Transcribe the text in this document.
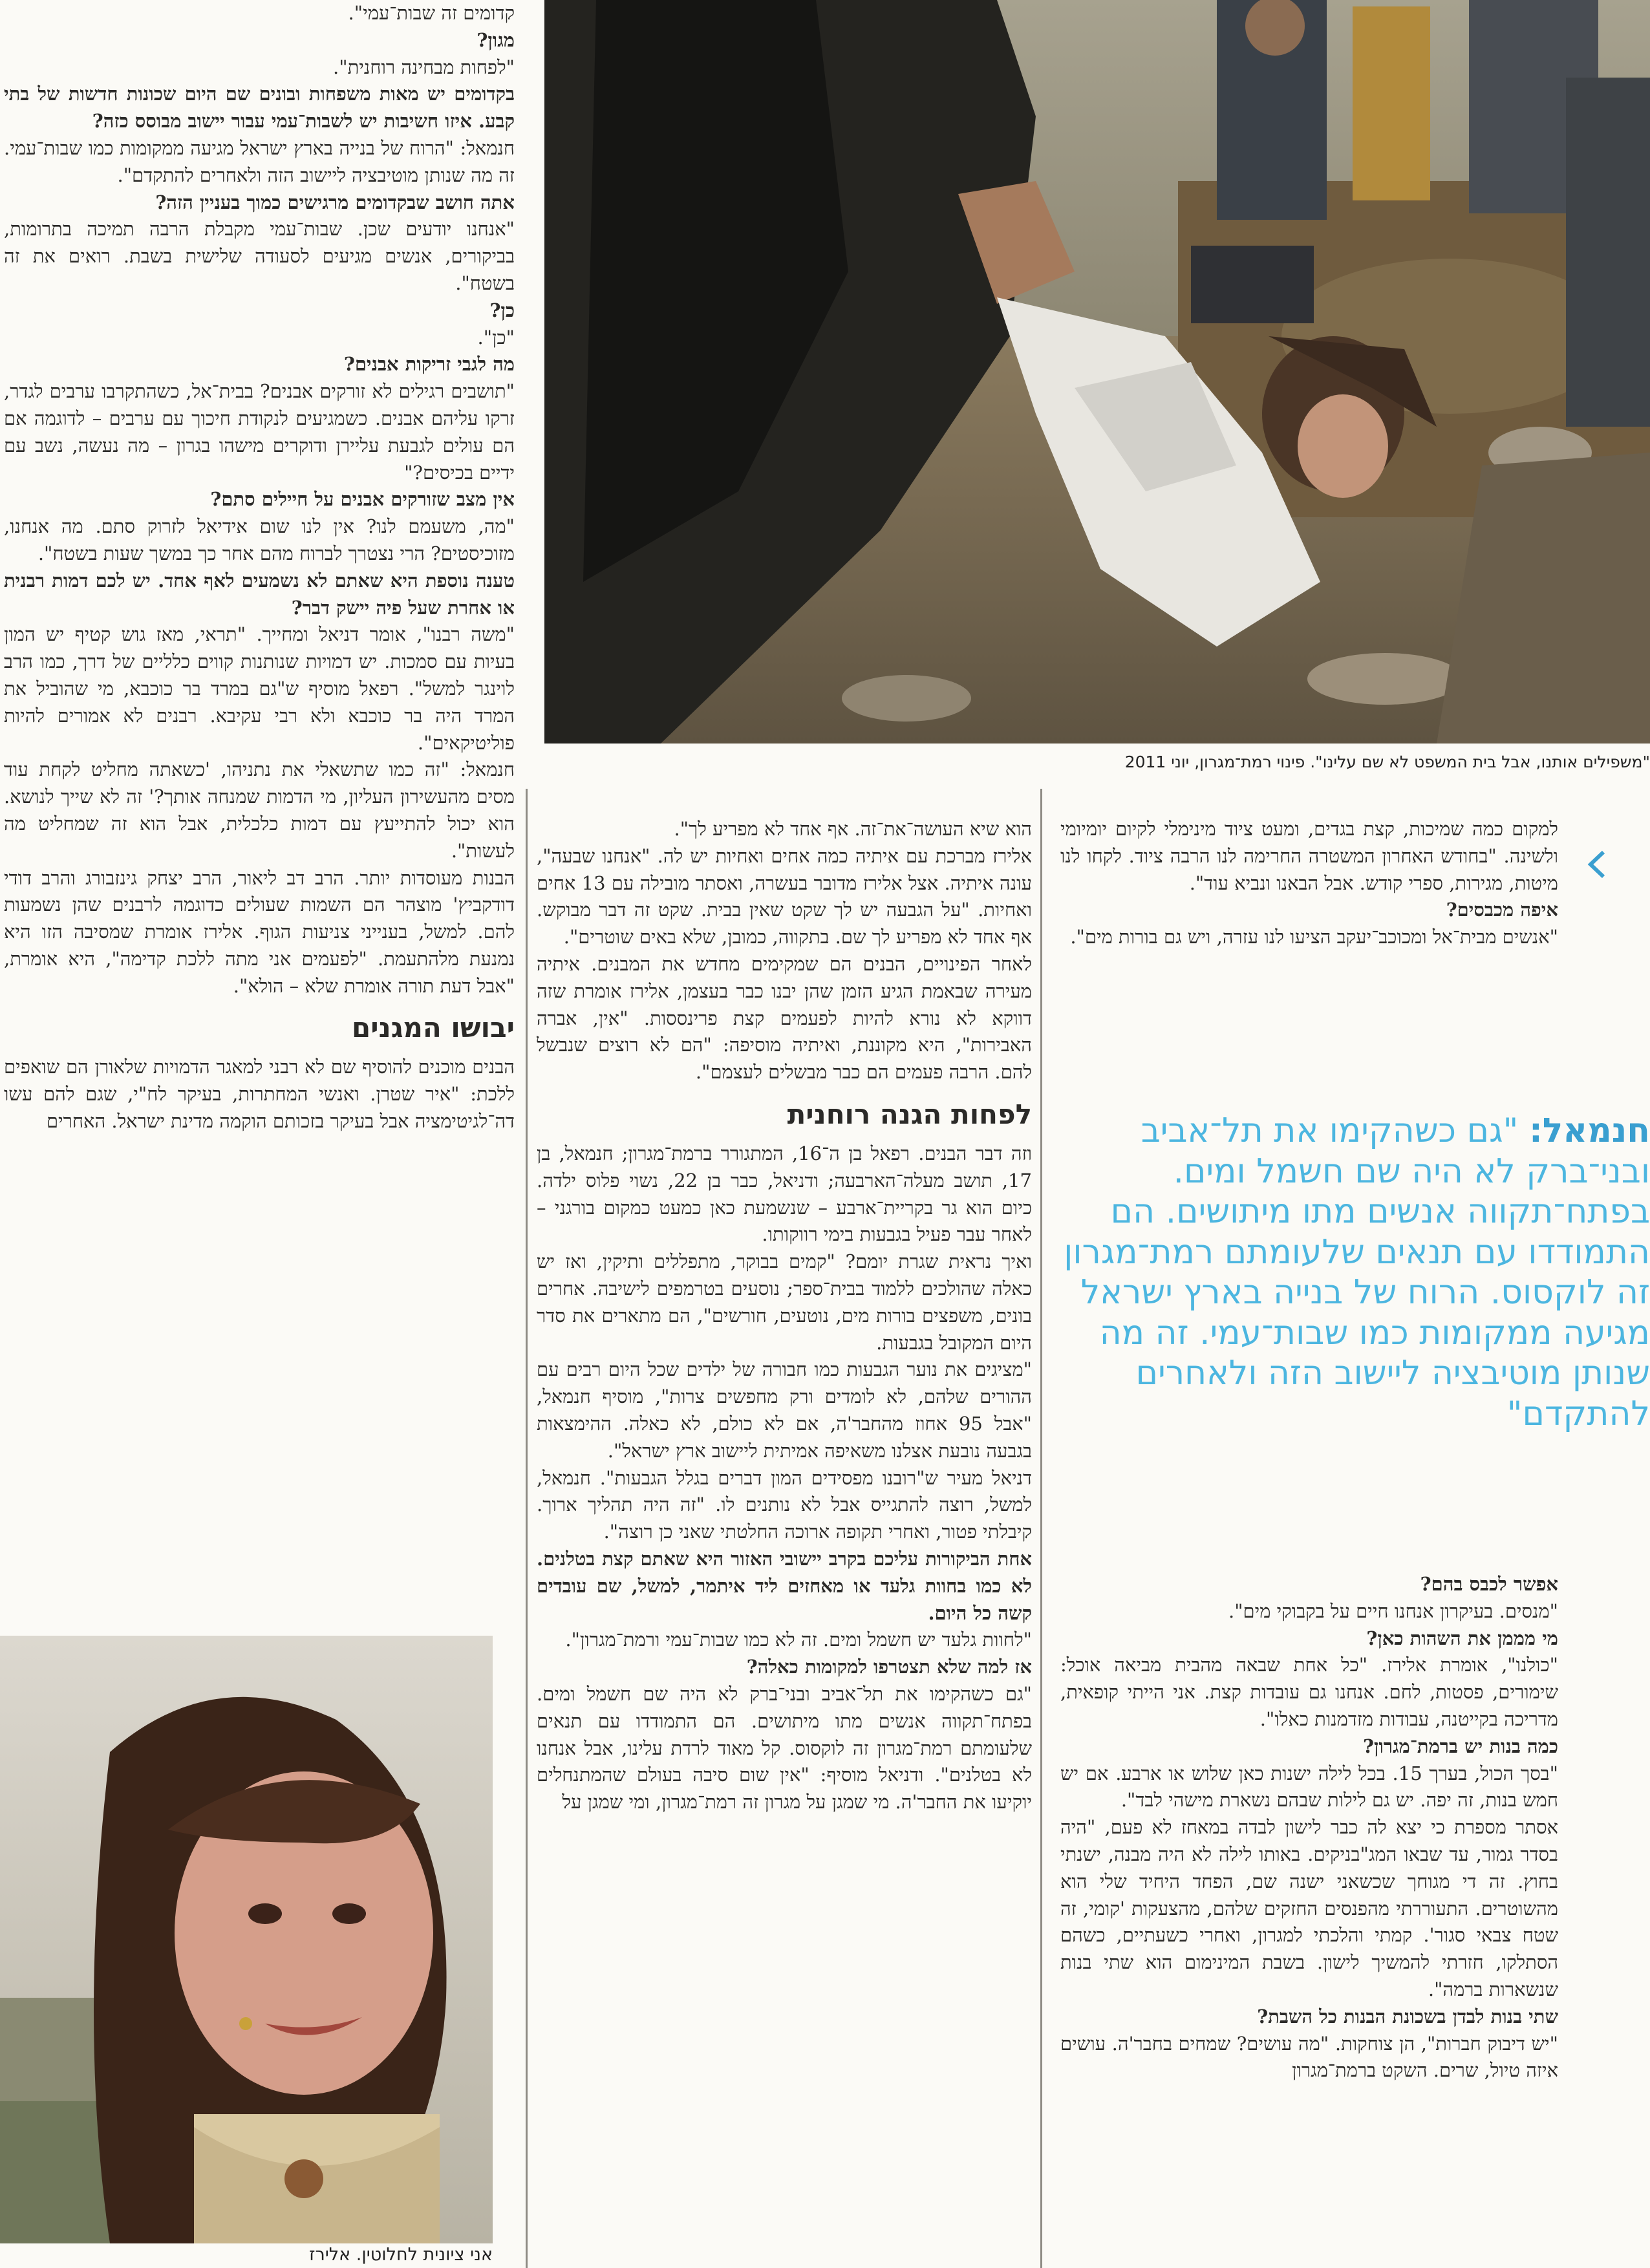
"משפילים אותנו, אבל בית המשפט לא שם עלינו". פינוי רמת־מגרון, יוני 2011
אני ציונית לחלוטין. אלירז

קדומים זה שבות־עמי".

מגון?

"לפחות מבחינה רוחנית".

בקדומים יש מאות משפחות ובונים שם היום שכונות חדשות של בתי קבע. איזו חשיבות יש לשבות־עמי עבור יישוב מבוסס כזה?

חנמאל: "הרוח של בנייה בארץ ישראל מגיעה ממקומות כמו שבות־עמי. זה מה שנותן מוטיבציה ליישוב הזה ולאחרים להתקדם".

אתה חושב שבקדומים מרגישים כמוך בעניין הזה?

"אנחנו יודעים שכן. שבות־עמי מקבלת הרבה תמיכה בתרומות, בביקורים, אנשים מגיעים לסעודה שלישית בשבת. רואים את זה בשטח".

כן?

"כן".

מה לגבי זריקות אבנים?

"תושבים רגילים לא זורקים אבנים? בבית־אל, כשהתקרבו ערבים לגדר, זרקו עליהם אבנים. כשמגיעים לנקודת חיכוך עם ערבים – לדוגמה אם הם עולים לגבעת עליירן ודוקרים מישהו בגרון – מה נעשה, נשב עם ידיים בכיסים?"

אין מצב שזורקים אבנים על חיילים סתם?

"מה, משעמם לנו? אין לנו שום אידיאל לזרוק סתם. מה אנחנו, מזוכיסטים? הרי נצטרך לברוח מהם אחר כך במשך שעות בשטח".

טענה נוספת היא שאתם לא נשמעים לאף אחד. יש לכם דמות רבנית או אחרת שעל פיה יישק דבר?

"משה רבנו", אומר דניאל ומחייך. "תראי, מאז גוש קטיף יש המון בעיות עם סמכות. יש דמויות שנותנות קווים כלליים של דרך, כמו הרב לוינגר למשל". רפאל מוסיף ש"גם במרד בר כוכבא, מי שהוביל את המרד היה בר כוכבא ולא רבי עקיבא. רבנים לא אמורים להיות פוליטיקאים".

חנמאל: "זה כמו שתשאלי את נתניהו, 'כשאתה מחליט לקחת עוד מסים מהעשירון העליון, מי הדמות שמנחה אותך?' זה לא שייך לנושא. הוא יכול להתייעץ עם דמות כלכלית, אבל הוא זה שמחליט מה לעשות".

הבנות מעוסדות יותר. הרב דב ליאור, הרב יצחק גינזבורג והרב דודי דודקביץ' מוצהר הם השמות שעולים כדוגמה לרבנים שהן נשמעות להם. למשל, בענייני צניעות הגוף. אלירז אומרת שמסיבה הזו היא נמנעת מלהתעמת. "לפעמים אני מתה ללכת קדימה", היא אומרת, "אבל דעת תורה אומרת שלא – הולא".

יבושו המגנים

הבנים מוכנים להוסיף שם לא רבני למאגר הדמויות שלאורן הם שואפים ללכת: "איר שטרן. ואנשי המחתרות, בעיקר לח"י, שגם להם עשו דה־לגיטימציה אבל בעיקר בזכותם הוקמה מדינת ישראל. האחרים

הוא שיא העושה־את־זה. אף אחד לא מפריע לך".

אלירז מברכת עם איתיה כמה אחים ואחיות יש לה. "אנחנו שבעה", עונה איתיה. אצל אלירז מדובר בעשרה, ואסתר מובילה עם 13 אחים ואחיות. "על הגבעה יש לך שקט שאין בבית. שקט זה דבר מבוקש. אף אחד לא מפריע לך שם. בתקווה, כמובן, שלא באים שוטרים".

לאחר הפינויים, הבנים הם שמקימים מחדש את המבנים. איתיה מעירה שבאמת הגיע הזמן שהן יבנו כבר בעצמן, אלירז אומרת שזה דווקא לא נורא להיות לפעמים קצת פרינססות. "אין, אברה האבירות", היא מקוננת, ואיתיה מוסיפה: "הם לא רוצים שנבשל להם. הרבה פעמים הם כבר מבשלים לעצמם".

לפחות הגנה רוחנית

וזה דבר הבנים. רפאל בן ה־16, המתגורר ברמת־מגרון; חנמאל, בן 17, תושב מעלה־הארבעה; ודניאל, כבר בן 22, נשוי פלוס ילדה. כיום הוא גר בקריית־ארבע – שנשמעת כאן כמעט כמקום בורגני – לאחר עבר פעיל בגבעות בימי רווקותו.

ואיך נראית שגרת יומם? "קמים בבוקר, מתפללים ותיקין, ואז יש כאלה שהולכים ללמוד בבית־ספר; נוסעים בטרמפים לישיבה. אחרים בונים, משפצים בורות מים, נוטעים, חורשים", הם מתארים את סדר היום המקובל בגבעות.

"מציגים את נוער הגבעות כמו חבורה של ילדים שכל היום רבים עם ההורים שלהם, לא לומדים ורק מחפשים צרות", מוסיף חנמאל, "אבל 95 אחוז מהחבר'ה, אם לא כולם, לא כאלה. ההימצאות בגבעה נובעת אצלנו משאיפה אמיתית ליישוב ארץ ישראל".

דניאל מעיר ש"רובנו מפסידים המון דברים בגלל הגבעות". חנמאל, למשל, רוצה להתגייס אבל לא נותנים לו. "זה היה תהליך ארוך. קיבלתי פטור, ואחרי תקופה ארוכה החלטתי שאני כן רוצה".

אחת הביקורות עליכם בקרב יישובי האזור היא שאתם קצת בטלנים. לא כמו בחוות גלעד או מאחזים ליד איתמר, למשל, שם עובדים קשה כל היום.

"לחוות גלעד יש חשמל ומים. זה לא כמו שבות־עמי ורמת־מגרון".

אז למה שלא תצטרפו למקומות כאלה?

"גם כשהקימו את תל־אביב ובני־ברק לא היה שם חשמל ומים. בפתח־תקווה אנשים מתו מיתושים. הם התמודדו עם תנאים שלעומתם רמת־מגרון זה לוקסוס. קל מאוד לרדת עלינו, אבל אנחנו לא בטלנים". ודניאל מוסיף: "אין שום סיבה בעולם שהמתנחלים יוקיעו את החבר'ה. מי שמגן על מגרון זה רמת־מגרון, ומי שמגן על

למקום כמה שמיכות, קצת בגדים, ומעט ציוד מינימלי לקיום יומיומי ולשינה. "בחודש האחרון המשטרה החרימה לנו הרבה ציוד. לקחו לנו מיטות, מגירות, ספרי קודש. אבל הבאנו ונביא עוד".

איפה מכבסים?

"אנשים מבית־אל ומכוכב־יעקב הציעו לנו עזרה, ויש גם בורות מים".

חנמאל: "גם כשהקימו את תל־אביב ובני־ברק לא היה שם חשמל ומים. בפתח־תקווה אנשים מתו מיתושים. הם התמודדו עם תנאים שלעומתם רמת־מגרון זה לוקסוס. הרוח של בנייה בארץ ישראל מגיעה ממקומות כמו שבות־עמי. זה מה שנותן מוטיבציה ליישוב הזה ולאחרים להתקדם"

אפשר לכבס בהם?

"מנסים. בעיקרון אנחנו חיים על בקבוקי מים".

מי מממן את השהות כאן?

"כולנו", אומרת אלירז. "כל אחת שבאה מהבית מביאה אוכל: שימורים, פסטות, לחם. אנחנו גם עובדות קצת. אני הייתי קופאית, מדריכה בקייטנה, עבודות מזדמנות כאלו".

כמה בנות יש ברמת־מגרון?

"בסך הכול, בערך 15. בכל לילה ישנות כאן שלוש או ארבע. אם יש חמש בנות, זה יפה. יש גם לילות שבהם נשארת מישהי לבד".

אסתר מספרת כי יצא לה כבר לישון לבדה במאחז לא פעם, "היה בסדר גמור, עד שבאו המג"בניקים. באותו לילה לא היה מבנה, ישנתי בחוץ. זה די מגוחך שכשאני ישנה שם, הפחד היחיד שלי הוא מהשוטרים. התעוררתי מהפנסים החזקים שלהם, מהצעקות 'קומי, זה שטח צבאי סגור'. קמתי והלכתי למגרון, ואחרי כשעתיים, כשהם הסתלקו, חזרתי להמשיך לישון. בשבת המינימום הוא שתי בנות שנשארות ברמה".

שתי בנות לבדן בשכונת הבנות כל השבת?

"יש דיבוק חברות", הן צוחקות. "מה עושים? שמחים בחבר'ה. עושים איזה טיול, שרים. השקט ברמת־מגרון
